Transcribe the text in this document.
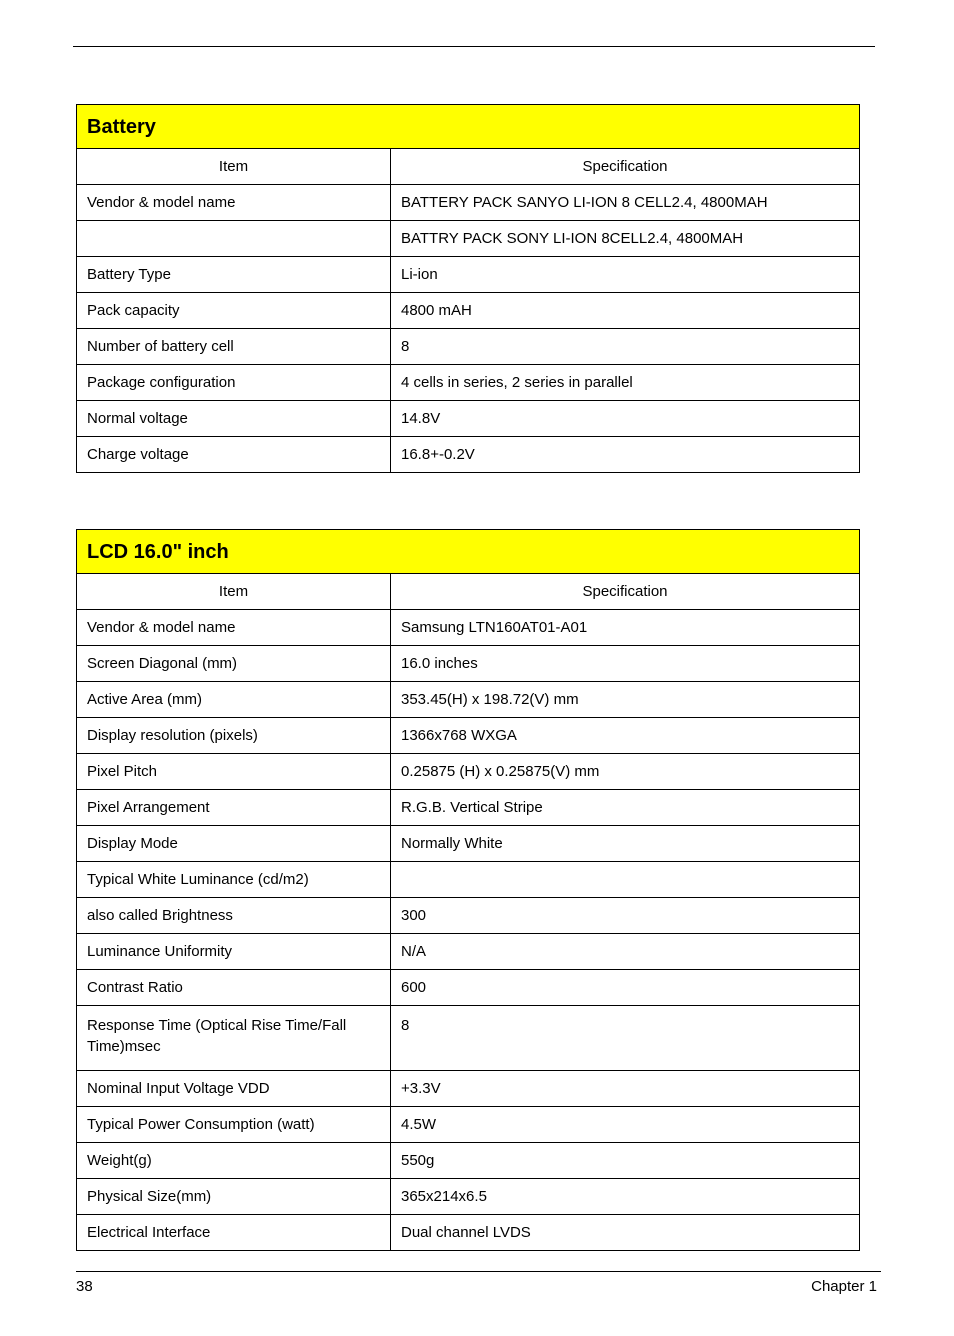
Battery	
Item	Specification
Vendor & model name	BATTERY PACK SANYO LI-ION 8 CELL2.4, 4800MAH
	BATTRY PACK SONY LI-ION 8CELL2.4, 4800MAH
Battery Type	Li-ion
Pack capacity	4800 mAH
Number of battery cell	8
Package configuration	4 cells in series, 2 series in parallel
Normal voltage	14.8V
Charge voltage	16.8+-0.2V
LCD 16.0" inch	
Item	Specification
Vendor & model name	Samsung LTN160AT01-A01
Screen Diagonal (mm)	16.0 inches
Active Area (mm)	353.45(H) x 198.72(V) mm
Display resolution (pixels)	1366x768 WXGA
Pixel Pitch	0.25875 (H) x 0.25875(V) mm
Pixel Arrangement	R.G.B. Vertical Stripe
Display Mode	Normally White
Typical White Luminance (cd/m2)	
also called Brightness	300
Luminance Uniformity	N/A
Contrast Ratio	600
Response Time (Optical Rise Time/Fall Time)msec	8
Nominal Input Voltage VDD	+3.3V
Typical Power Consumption (watt)	4.5W
Weight(g)	550g
Physical Size(mm)	365x214x6.5
Electrical Interface	Dual channel LVDS
38	Chapter 1
